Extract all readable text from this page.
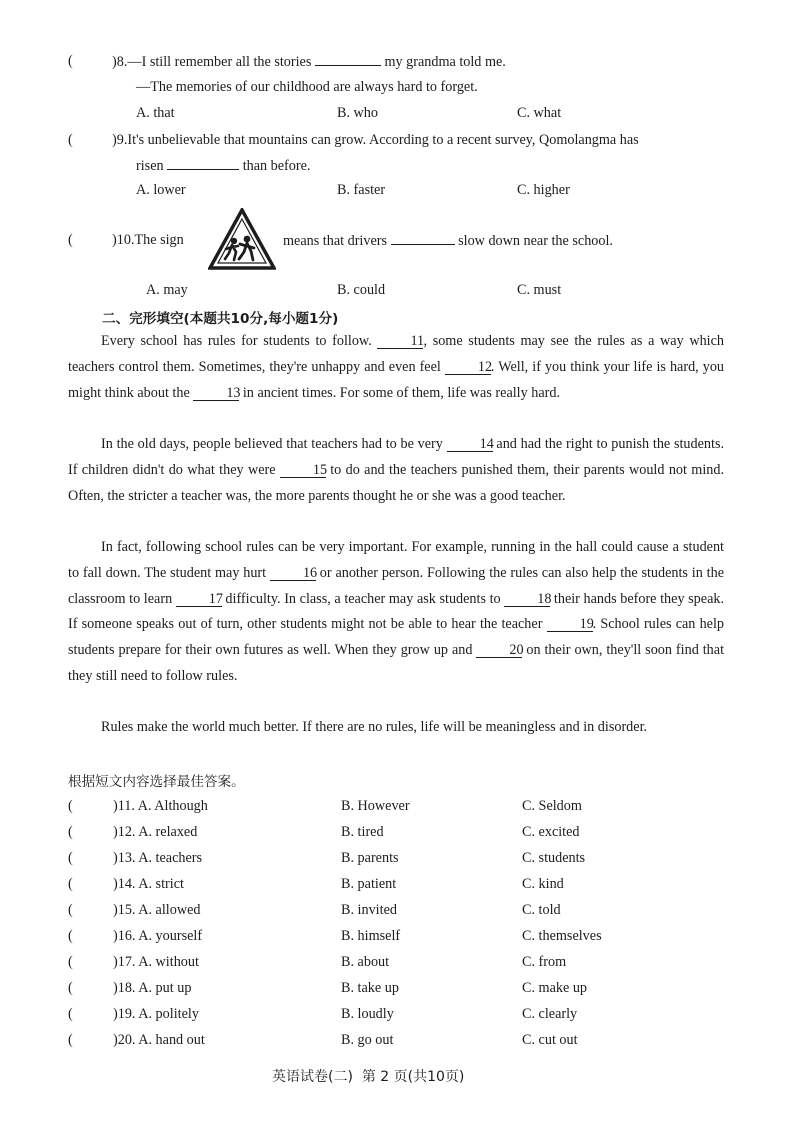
(	)8.—I still remember all the stories	my grandma told me.
—The memories of our childhood are always hard to forget.
A. that	B. who	C. what
(	)9.It's unbelievable that mountains can grow. According to a recent survey, Qomolangma has
risen	than before.
A. lower	B. faster	C. higher
(	)10.The sign	means that drivers	slow down near the school.
A. may	B. could	C. must
二、完形填空(本题共10分,每小题1分)
Every school has rules for students to follow.	11, some students may see the rules as a way which teachers control them. Sometimes, they're unhappy and even feel	12. Well, if you think your life is hard, you might think about the	13 in ancient times. For some of them, life was really hard.
In the old days, people believed that teachers had to be very	14 and had the right to punish the students. If children didn't do what they were	15 to do and the teachers punished them, their parents would not mind. Often, the stricter a teacher was, the more parents thought he or she was a good teacher.
In fact, following school rules can be very important. For example, running in the hall could cause a student to fall down. The student may hurt	16 or another person. Following the rules can also help the students in the classroom to learn	17 difficulty. In class, a teacher may ask students to	18 their hands before they speak. If someone speaks out of turn, other students might not be able to hear the teacher	19. School rules can help students prepare for their own futures as well. When they grow up and	20 on their own, they'll soon find that they still need to follow rules.
Rules make the world much better. If there are no rules, life will be meaningless and in disorder.
根据短文内容选择最佳答案。
(	)11. A. Although	B. However	C. Seldom
(	)12. A. relaxed	B. tired	C. excited
(	)13. A. teachers	B. parents	C. students
(	)14. A. strict	B. patient	C. kind
(	)15. A. allowed	B. invited	C. told
(	)16. A. yourself	B. himself	C. themselves
(	)17. A. without	B. about	C. from
(	)18. A. put up	B. take up	C. make up
(	)19. A. politely	B. loudly	C. clearly
(	)20. A. hand out	B. go out	C. cut out
英语试卷(二)  第 2 页(共10页)
